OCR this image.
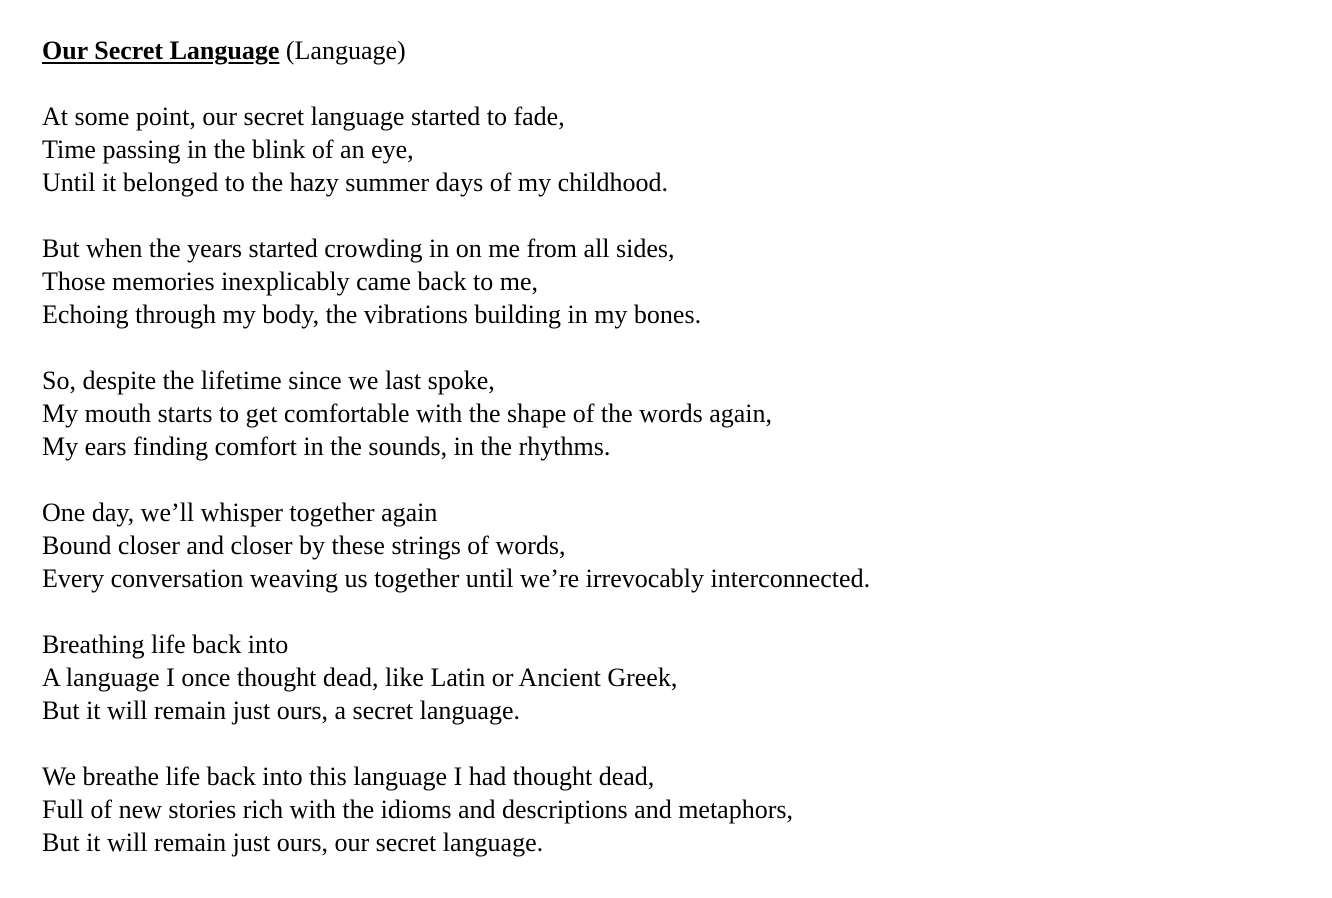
Our Secret Language (Language)
At some point, our secret language started to fade,
Time passing in the blink of an eye,
Until it belonged to the hazy summer days of my childhood.
But when the years started crowding in on me from all sides,
Those memories inexplicably came back to me,
Echoing through my body, the vibrations building in my bones.
So, despite the lifetime since we last spoke,
My mouth starts to get comfortable with the shape of the words again,
My ears finding comfort in the sounds, in the rhythms.
One day, we’ll whisper together again
Bound closer and closer by these strings of words,
Every conversation weaving us together until we’re irrevocably interconnected.
Breathing life back into
A language I once thought dead, like Latin or Ancient Greek,
But it will remain just ours, a secret language.
We breathe life back into this language I had thought dead,
Full of new stories rich with the idioms and descriptions and metaphors,
But it will remain just ours, our secret language.
